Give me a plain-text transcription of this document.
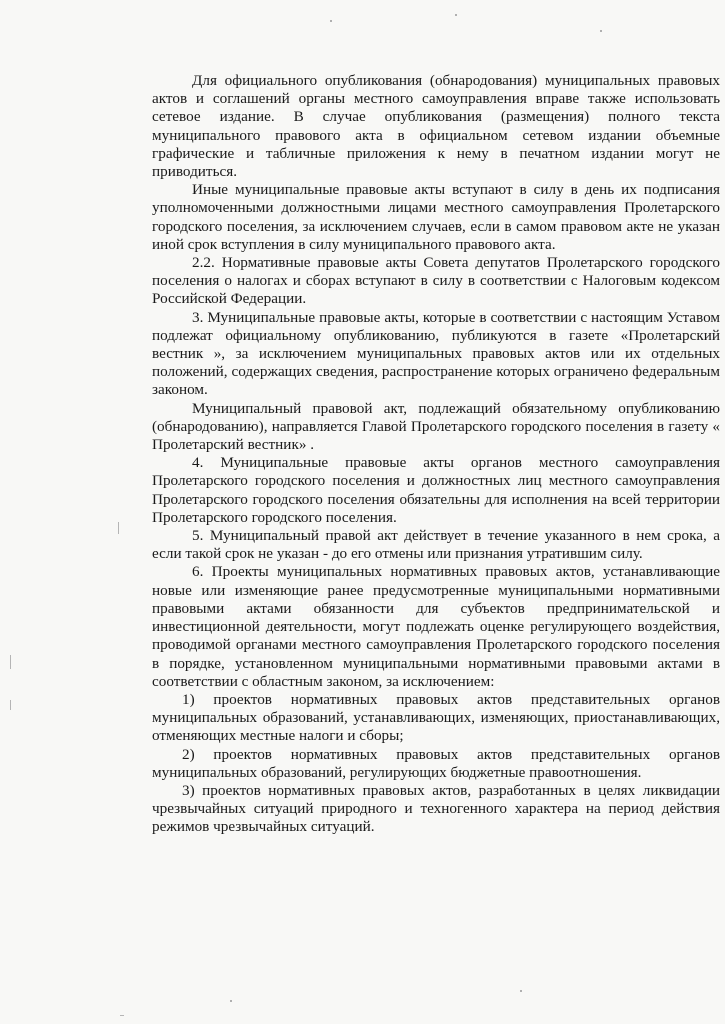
Для официального опубликования (обнародования) муниципальных правовых актов и соглашений органы местного самоуправления вправе также использовать сетевое издание. В случае опубликования (размещения) полного текста муниципального правового акта в официальном сетевом издании объемные графические и табличные приложения к нему в печатном издании могут не приводиться.

Иные муниципальные правовые акты вступают в силу в день их подписания уполномоченными должностными лицами местного самоуправления Пролетарского городского поселения, за исключением случаев, если в самом правовом акте не указан иной срок вступления в силу муниципального правового акта.

2.2. Нормативные правовые акты Совета депутатов Пролетарского городского поселения о налогах и сборах вступают в силу в соответствии с Налоговым кодексом Российской Федерации.

3. Муниципальные правовые акты, которые в соответствии с настоящим Уставом подлежат официальному опубликованию, публикуются в газете «Пролетарский вестник », за исключением муниципальных правовых актов или их отдельных положений, содержащих сведения, распространение которых ограничено федеральным законом.

Муниципальный правовой акт, подлежащий обязательному опубликованию (обнародованию), направляется Главой Пролетарского городского поселения в газету « Пролетарский вестник» .

4. Муниципальные правовые акты органов местного самоуправления Пролетарского городского поселения и должностных лиц местного самоуправления Пролетарского городского поселения обязательны для исполнения на всей территории Пролетарского городского поселения.

5. Муниципальный правой акт действует в течение указанного в нем срока, а если такой срок не указан - до его отмены или признания утратившим силу.

6. Проекты муниципальных нормативных правовых актов, устанавливающие новые или изменяющие ранее предусмотренные муниципальными нормативными правовыми актами обязанности для субъектов предпринимательской и инвестиционной деятельности, могут подлежать оценке регулирующего воздействия, проводимой органами местного самоуправления Пролетарского городского поселения в порядке, установленном муниципальными нормативными правовыми актами в соответствии с областным законом, за исключением:

1) проектов нормативных правовых актов представительных органов муниципальных образований, устанавливающих, изменяющих, приостанавливающих, отменяющих местные налоги и сборы;

2) проектов нормативных правовых актов представительных органов муниципальных образований, регулирующих бюджетные правоотношения.

3) проектов нормативных правовых актов, разработанных в целях ликвидации чрезвычайных ситуаций природного и техногенного характера на период действия режимов чрезвычайных ситуаций.
